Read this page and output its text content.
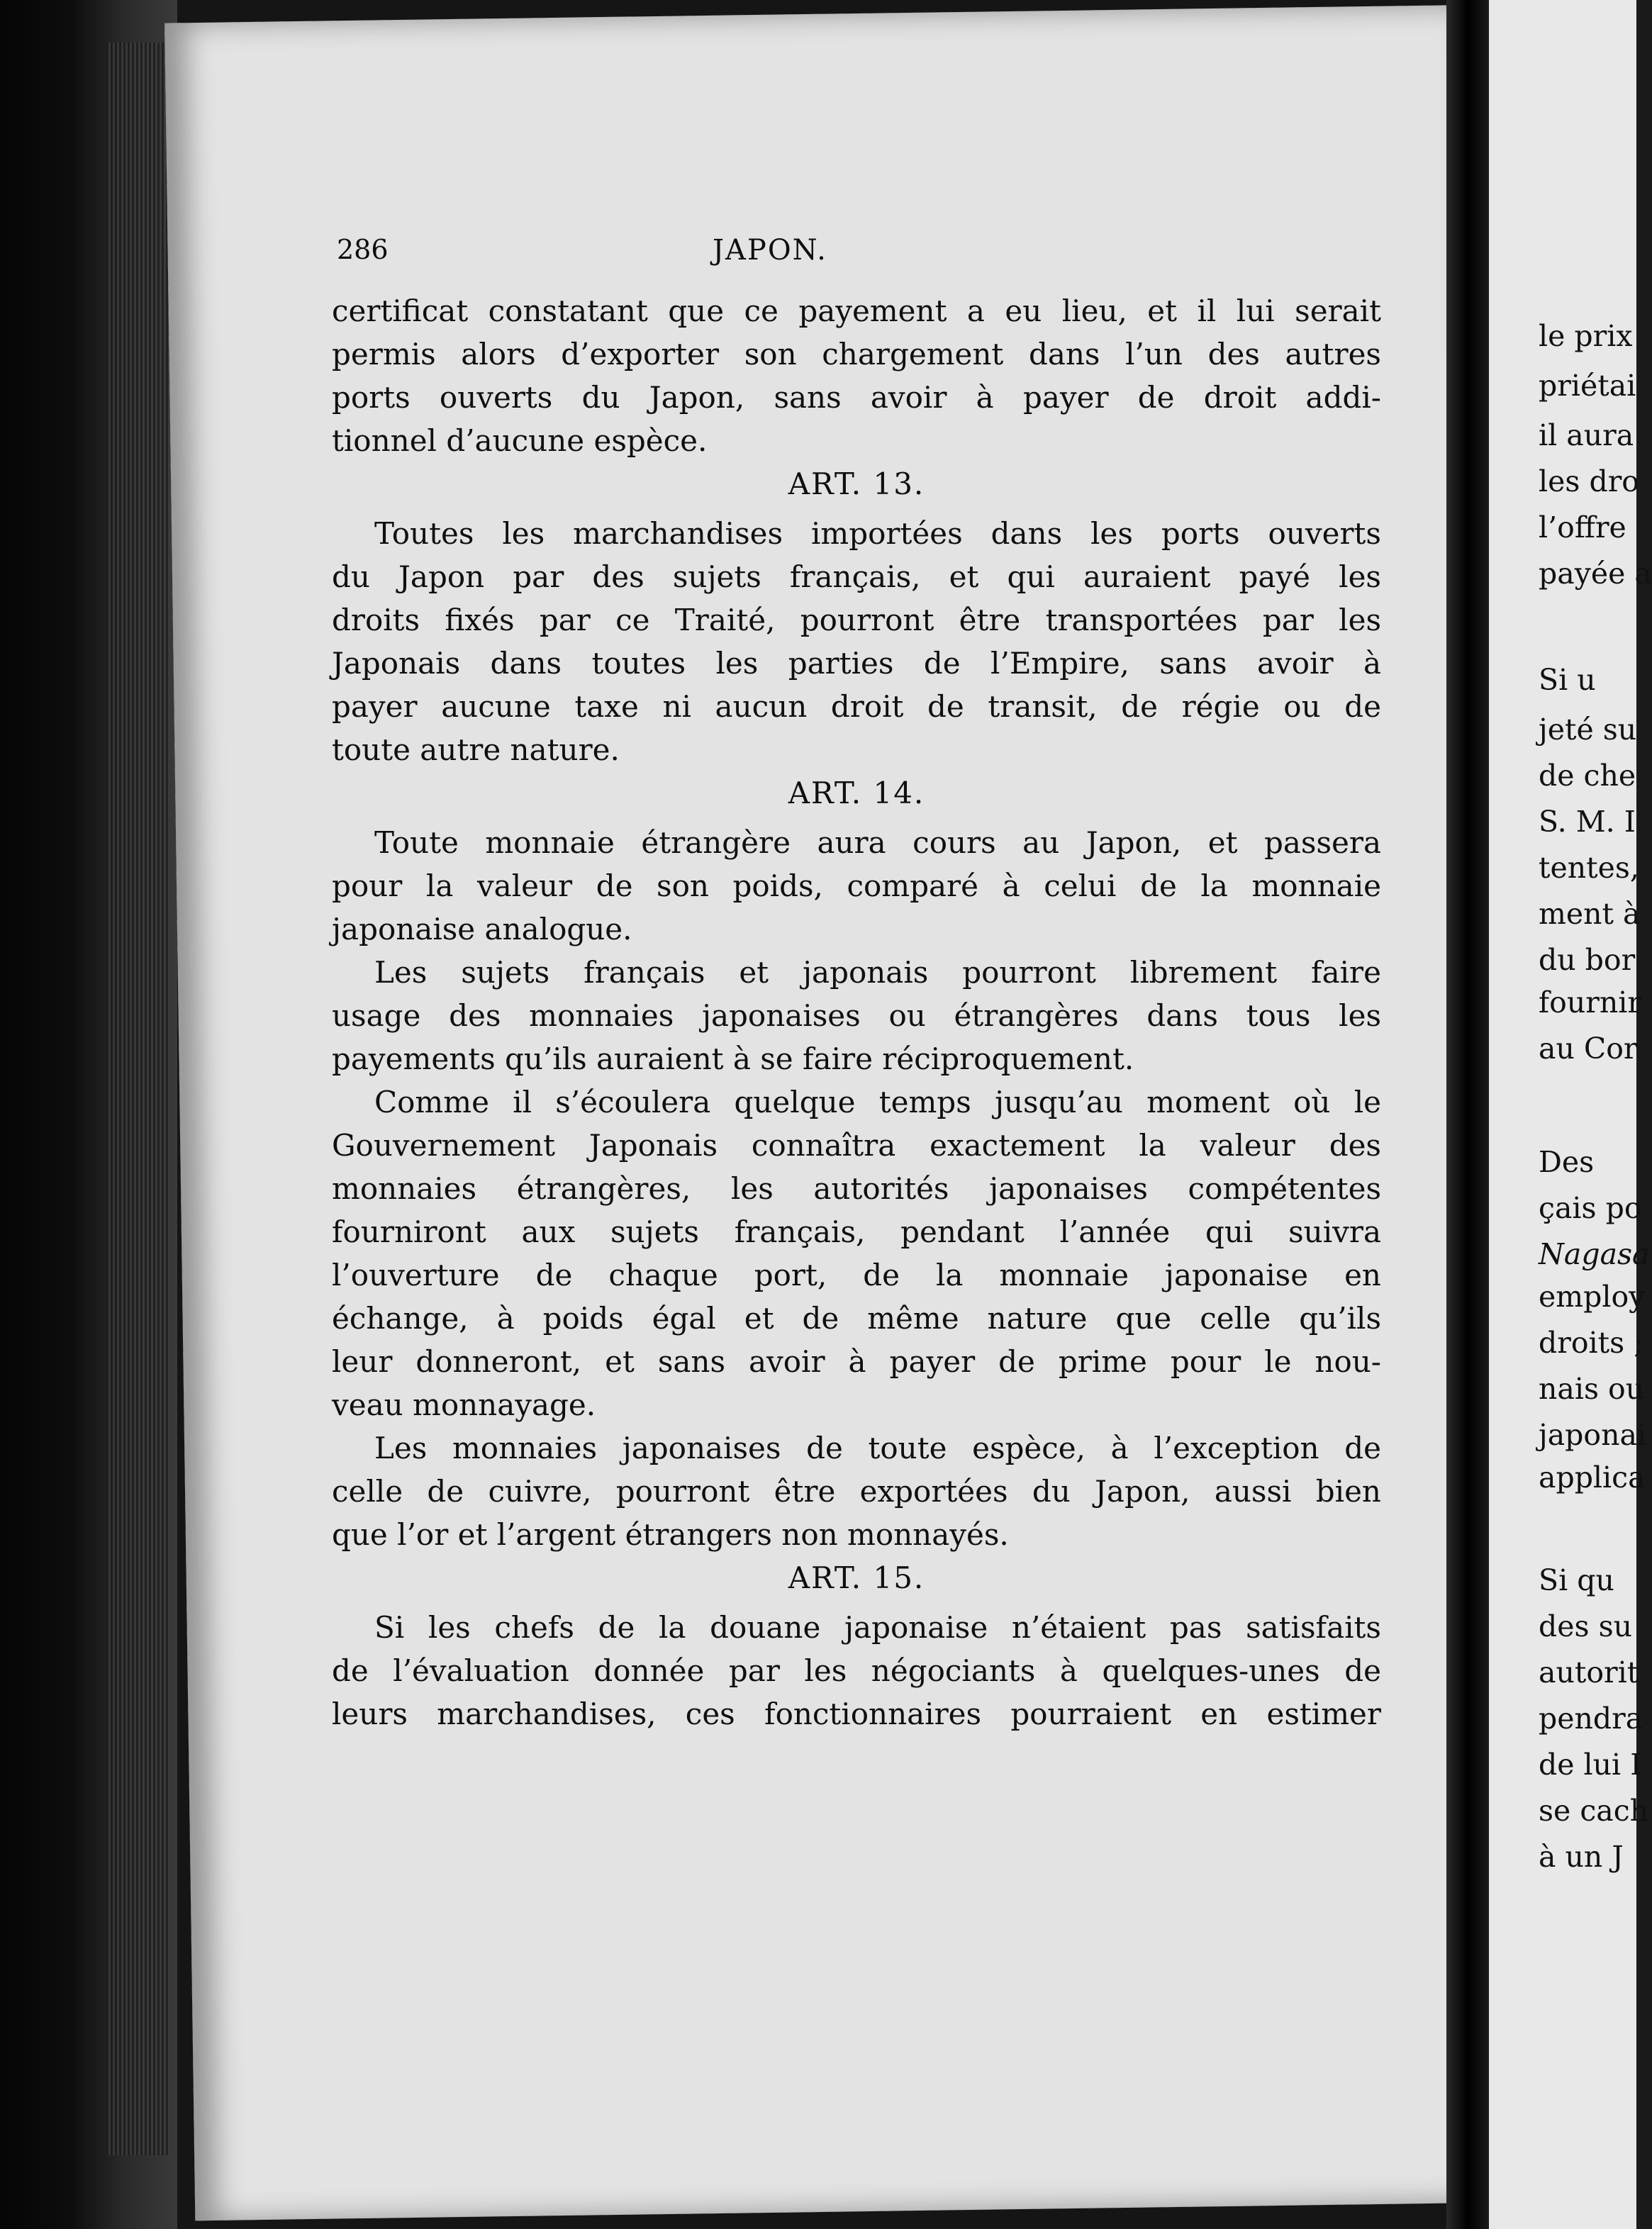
286	JAPON.
certificat constatant que ce payement a eu lieu, et il lui serait
permis alors d’exporter son chargement dans l’un des autres
ports ouverts du Japon, sans avoir à payer de droit addi-
tionnel d’aucune espèce.
ART. 13.
Toutes les marchandises importées dans les ports ouverts
du Japon par des sujets français, et qui auraient payé les
droits fixés par ce Traité, pourront être transportées par les
Japonais dans toutes les parties de l’Empire, sans avoir à
payer aucune taxe ni aucun droit de transit, de régie ou de
toute autre nature.
ART. 14.
Toute monnaie étrangère aura cours au Japon, et passera
pour la valeur de son poids, comparé à celui de la monnaie
japonaise analogue.
Les sujets français et japonais pourront librement faire
usage des monnaies japonaises ou étrangères dans tous les
payements qu’ils auraient à se faire réciproquement.
Comme il s’écoulera quelque temps jusqu’au moment où le
Gouvernement Japonais connaîtra exactement la valeur des
monnaies étrangères, les autorités japonaises compétentes
fourniront aux sujets français, pendant l’année qui suivra
l’ouverture de chaque port, de la monnaie japonaise en
échange, à poids égal et de même nature que celle qu’ils
leur donneront, et sans avoir à payer de prime pour le nou-
veau monnayage.
Les monnaies japonaises de toute espèce, à l’exception de
celle de cuivre, pourront être exportées du Japon, aussi bien
que l’or et l’argent étrangers non monnayés.
ART. 15.
Si les chefs de la douane japonaise n’étaient pas satisfaits
de l’évaluation donnée par les négociants à quelques-unes de
leurs marchandises, ces fonctionnaires pourraient en estimer
le prix
priétai
il aura
les dro
l’offre
payée a
Si u
jeté su
de che
S. M. I
tentes,
ment à
du bor
fournir
au Cor
Des
çais po
Nagasa
employ
droits ;
nais ou
japonai
applica
Si qu
des su
autorit
pendra
de lui I
se cach
à un J
